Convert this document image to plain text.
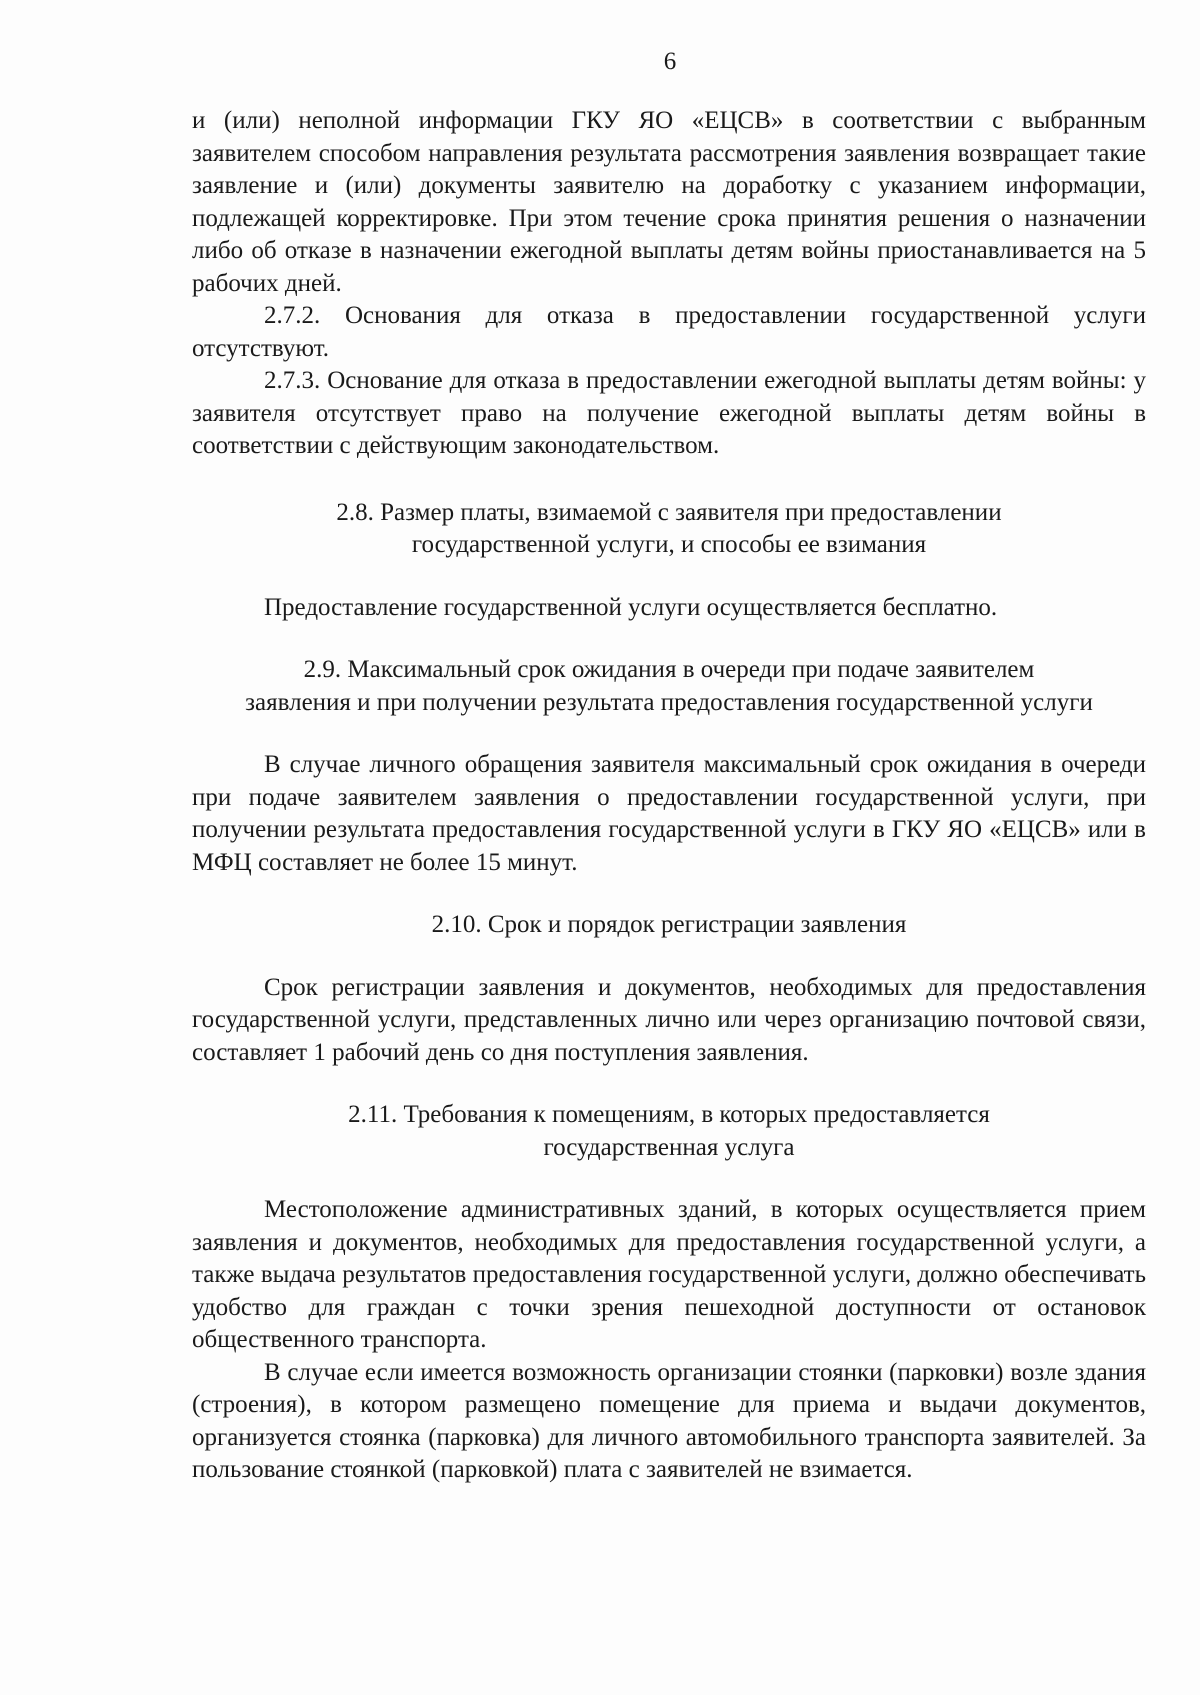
6

и (или) неполной информации ГКУ ЯО «ЕЦСВ» в соответствии с выбранным заявителем способом направления результата рассмотрения заявления возвращает такие заявление и (или) документы заявителю на доработку с указанием информации, подлежащей корректировке. При этом течение срока принятия решения о назначении либо об отказе в назначении ежегодной выплаты детям войны приостанавливается на 5 рабочих дней.

2.7.2. Основания для отказа в предоставлении государственной услуги отсутствуют.

2.7.3. Основание для отказа в предоставлении ежегодной выплаты детям войны: у заявителя отсутствует право на получение ежегодной выплаты детям войны в соответствии с действующим законодательством.

2.8. Размер платы, взимаемой с заявителя при предоставлении
государственной услуги, и способы ее взимания

Предоставление государственной услуги осуществляется бесплатно.

2.9. Максимальный срок ожидания в очереди при подаче заявителем
заявления и при получении результата предоставления государственной услуги

В случае личного обращения заявителя максимальный срок ожидания в очереди при подаче заявителем заявления о предоставлении государственной услуги, при получении результата предоставления государственной услуги в ГКУ ЯО «ЕЦСВ» или в МФЦ составляет не более 15 минут.

2.10. Срок и порядок регистрации заявления

Срок регистрации заявления и документов, необходимых для предоставления государственной услуги, представленных лично или через организацию почтовой связи, составляет 1 рабочий день со дня поступления заявления.

2.11. Требования к помещениям, в которых предоставляется
государственная услуга

Местоположение административных зданий, в которых осуществляется прием заявления и документов, необходимых для предоставления государственной услуги, а также выдача результатов предоставления государственной услуги, должно обеспечивать удобство для граждан с точки зрения пешеходной доступности от остановок общественного транспорта.

В случае если имеется возможность организации стоянки (парковки) возле здания (строения), в котором размещено помещение для приема и выдачи документов, организуется стоянка (парковка) для личного автомобильного транспорта заявителей. За пользование стоянкой (парковкой) плата с заявителей не взимается.
